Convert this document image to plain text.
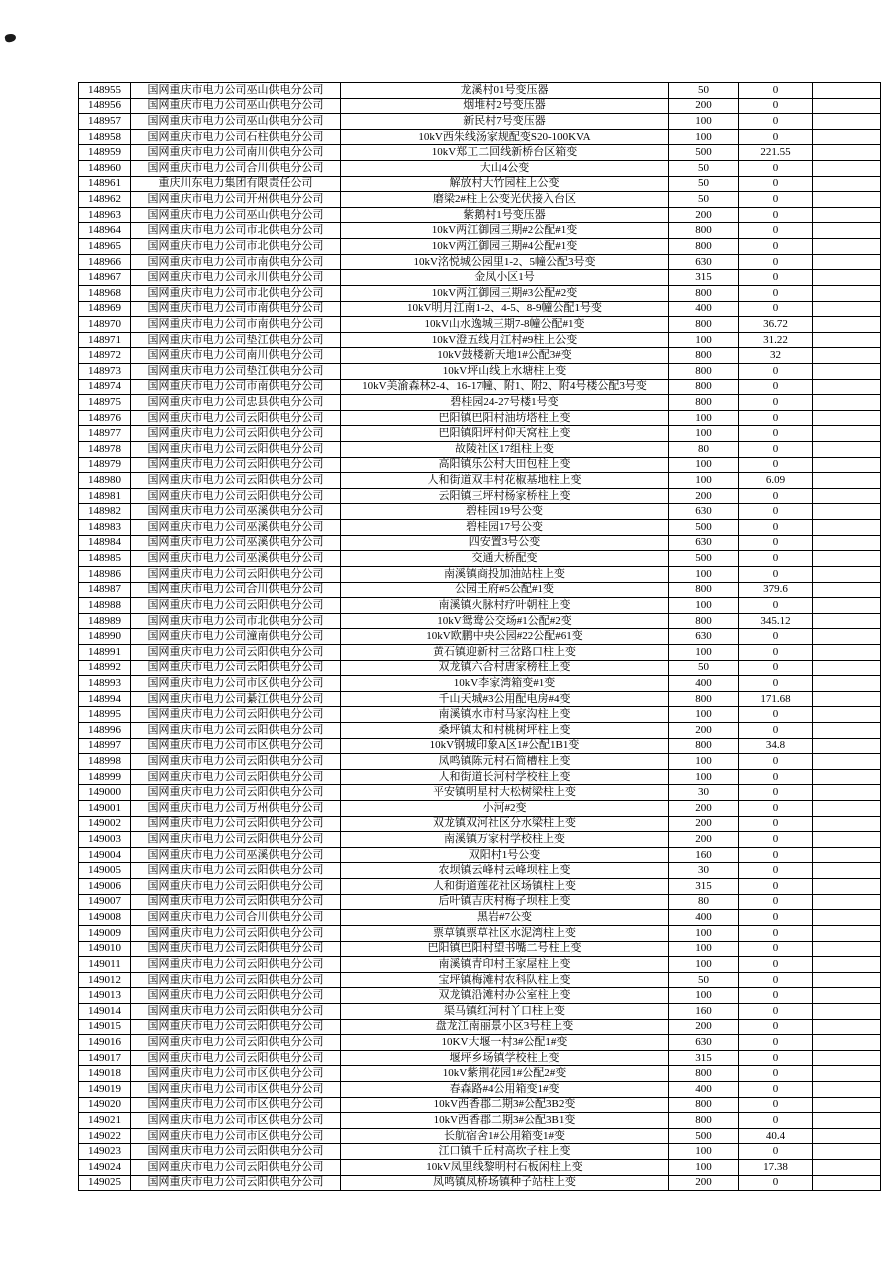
148955	国网重庆市电力公司巫山供电分公司	龙溪村01号变压器	50	0	
148956	国网重庆市电力公司巫山供电分公司	烟堆村2号变压器	200	0	
148957	国网重庆市电力公司巫山供电分公司	新民村7号变压器	100	0	
148958	国网重庆市电力公司石柱供电分公司	10kV西朱线汤家规配变S20-100KVA	100	0	
148959	国网重庆市电力公司南川供电分公司	10kV郑工二回线新桥台区箱变	500	221.55	
148960	国网重庆市电力公司合川供电分公司	大山4公变	50	0	
148961	重庆川东电力集团有限责任公司	解放村大竹园柱上公变	50	0	
148962	国网重庆市电力公司开州供电分公司	磨梁2#柱上公变光伏接入台区	50	0	
148963	国网重庆市电力公司巫山供电分公司	紫鹅村1号变压器	200	0	
148964	国网重庆市电力公司市北供电分公司	10kV两江御园三期#2公配#1变	800	0	
148965	国网重庆市电力公司市北供电分公司	10kV两江御园三期#4公配#1变	800	0	
148966	国网重庆市电力公司市南供电分公司	10kV洺悦城公园里1-2、5幢公配3号变	630	0	
148967	国网重庆市电力公司永川供电分公司	金凤小区1号	315	0	
148968	国网重庆市电力公司市北供电分公司	10kV两江御园三期#3公配#2变	800	0	
148969	国网重庆市电力公司市南供电分公司	10kV明月江南1-2、4-5、8-9幢公配1号变	400	0	
148970	国网重庆市电力公司市南供电分公司	10kV山水逸城三期7-8幢公配#1变	800	36.72	
148971	国网重庆市电力公司垫江供电分公司	10kV澄五线月江村#9柱上公变	100	31.22	
148972	国网重庆市电力公司南川供电分公司	10kV鼓楼新天地1#公配3#变	800	32	
148973	国网重庆市电力公司垫江供电分公司	10kV坪山线上水塘柱上变	800	0	
148974	国网重庆市电力公司市南供电分公司	10kV美渝森林2-4、16-17幢、附1、附2、附4号楼公配3号变	800	0	
148975	国网重庆市电力公司忠县供电分公司	碧桂园24-27号楼1号变	800	0	
148976	国网重庆市电力公司云阳供电分公司	巴阳镇巴阳村油坊塔柱上变	100	0	
148977	国网重庆市电力公司云阳供电分公司	巴阳镇阳坪村仰天窝柱上变	100	0	
148978	国网重庆市电力公司云阳供电分公司	故陵社区17组柱上变	80	0	
148979	国网重庆市电力公司云阳供电分公司	高阳镇乐公村大田包柱上变	100	0	
148980	国网重庆市电力公司云阳供电分公司	人和街道双丰村花椒基地柱上变	100	6.09	
148981	国网重庆市电力公司云阳供电分公司	云阳镇三坪村杨家桥柱上变	200	0	
148982	国网重庆市电力公司巫溪供电分公司	碧桂园19号公变	630	0	
148983	国网重庆市电力公司巫溪供电分公司	碧桂园17号公变	500	0	
148984	国网重庆市电力公司巫溪供电分公司	四安置3号公变	630	0	
148985	国网重庆市电力公司巫溪供电分公司	交通大桥配变	500	0	
148986	国网重庆市电力公司云阳供电分公司	南溪镇商投加油站柱上变	100	0	
148987	国网重庆市电力公司合川供电分公司	公园王府#5公配#1变	800	379.6	
148988	国网重庆市电力公司云阳供电分公司	南溪镇火脉村疗叶朝柱上变	100	0	
148989	国网重庆市电力公司市北供电分公司	10kV鸳鸯公交场#1公配#2变	800	345.12	
148990	国网重庆市电力公司潼南供电分公司	10kV欧鹏中央公园#22公配#61变	630	0	
148991	国网重庆市电力公司云阳供电分公司	黄石镇迎新村三岔路口柱上变	100	0	
148992	国网重庆市电力公司云阳供电分公司	双龙镇六合村唐家榜柱上变	50	0	
148993	国网重庆市电力公司市区供电分公司	10kV李家湾箱变#1变	400	0	
148994	国网重庆市电力公司綦江供电分公司	千山天城#3公用配电房#4变	800	171.68	
148995	国网重庆市电力公司云阳供电分公司	南溪镇水市村马家沟柱上变	100	0	
148996	国网重庆市电力公司云阳供电分公司	桑坪镇太和村桃树坪柱上变	200	0	
148997	国网重庆市电力公司市区供电分公司	10kV钢城印象A区1#公配1B1变	800	34.8	
148998	国网重庆市电力公司云阳供电分公司	凤鸣镇陈元村石简槽柱上变	100	0	
148999	国网重庆市电力公司云阳供电分公司	人和街道长河村学校柱上变	100	0	
149000	国网重庆市电力公司云阳供电分公司	平安镇明星村大松树梁柱上变	30	0	
149001	国网重庆市电力公司万州供电分公司	小河#2变	200	0	
149002	国网重庆市电力公司云阳供电分公司	双龙镇双河社区分水梁柱上变	200	0	
149003	国网重庆市电力公司云阳供电分公司	南溪镇万家村学校柱上变	200	0	
149004	国网重庆市电力公司巫溪供电分公司	双阳村1号公变	160	0	
149005	国网重庆市电力公司云阳供电分公司	农坝镇云峰村云峰坝柱上变	30	0	
149006	国网重庆市电力公司云阳供电分公司	人和街道莲花社区场镇柱上变	315	0	
149007	国网重庆市电力公司云阳供电分公司	后叶镇吉庆村梅子坝柱上变	80	0	
149008	国网重庆市电力公司合川供电分公司	黑岩#7公变	400	0	
149009	国网重庆市电力公司云阳供电分公司	票草镇票草社区水泥湾柱上变	100	0	
149010	国网重庆市电力公司云阳供电分公司	巴阳镇巴阳村望书嘴二号柱上变	100	0	
149011	国网重庆市电力公司云阳供电分公司	南溪镇青印村王家屋柱上变	100	0	
149012	国网重庆市电力公司云阳供电分公司	宝坪镇梅滩村农科队柱上变	50	0	
149013	国网重庆市电力公司云阳供电分公司	双龙镇沿滩村办公室柱上变	100	0	
149014	国网重庆市电力公司云阳供电分公司	渠马镇红河村丫口柱上变	160	0	
149015	国网重庆市电力公司云阳供电分公司	盘龙江南丽景小区3号柱上变	200	0	
149016	国网重庆市电力公司云阳供电分公司	10KV大堰一村3#公配1#变	630	0	
149017	国网重庆市电力公司云阳供电分公司	堰坪乡场镇学校柱上变	315	0	
149018	国网重庆市电力公司市区供电分公司	10kV紫荆花园1#公配2#变	800	0	
149019	国网重庆市电力公司市区供电分公司	春森路#4公用箱变1#变	400	0	
149020	国网重庆市电力公司市区供电分公司	10kV西香郡二期3#公配3B2变	800	0	
149021	国网重庆市电力公司市区供电分公司	10kV西香郡二期3#公配3B1变	800	0	
149022	国网重庆市电力公司市区供电分公司	长航宿舍1#公用箱变1#变	500	40.4	
149023	国网重庆市电力公司云阳供电分公司	江口镇千丘村高坎子柱上变	100	0	
149024	国网重庆市电力公司云阳供电分公司	10kV凤里线黎明村石板闲柱上变	100	17.38	
149025	国网重庆市电力公司云阳供电分公司	凤鸣镇凤桥场镇种子站柱上变	200	0	
